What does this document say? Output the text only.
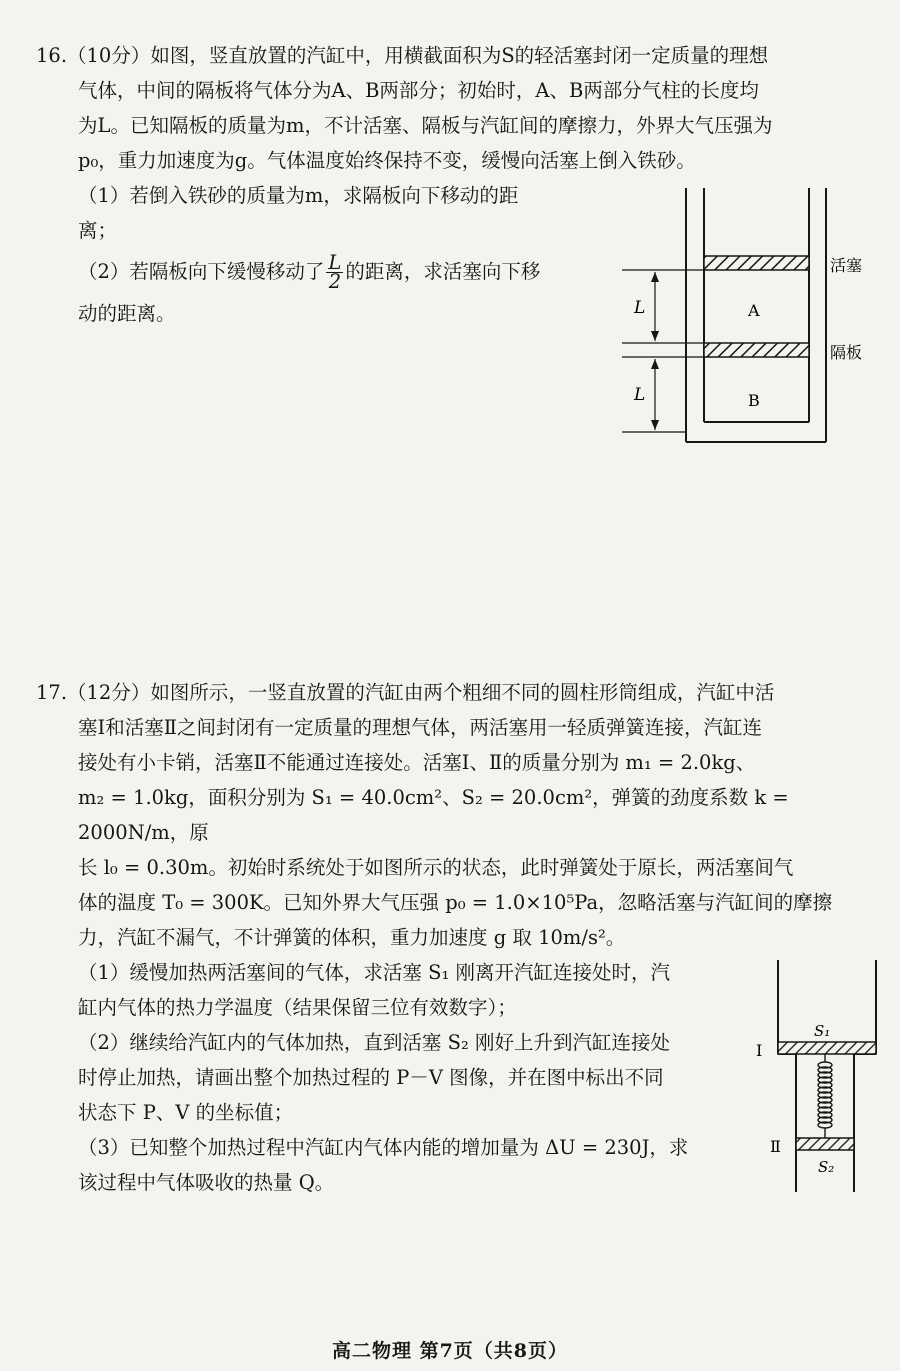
16.（10分）如图，竖直放置的汽缸中，用横截面积为S的轻活塞封闭一定质量的理想

气体，中间的隔板将气体分为A、B两部分；初始时，A、B两部分气柱的长度均

为L。已知隔板的质量为m，不计活塞、隔板与汽缸间的摩擦力，外界大气压强为

p₀，重力加速度为g。气体温度始终保持不变，缓慢向活塞上倒入铁砂。

（1）若倒入铁砂的质量为m，求隔板向下移动的距

离；

（2）若隔板向下缓慢移动了 $\frac{L}{2}$ 的距离，求活塞向下移

动的距离。	L
L
A
B
活塞
隔板

17.（12分）如图所示，一竖直放置的汽缸由两个粗细不同的圆柱形筒组成，汽缸中活

塞Ⅰ和活塞Ⅱ之间封闭有一定质量的理想气体，两活塞用一轻质弹簧连接，汽缸连

接处有小卡销，活塞Ⅱ不能通过连接处。活塞Ⅰ、Ⅱ的质量分别为 m₁ = 2.0kg、

m₂ = 1.0kg，面积分别为 S₁ = 40.0cm²、S₂ = 20.0cm²，弹簧的劲度系数 k = 2000N/m，原

长 l₀ = 0.30m。初始时系统处于如图所示的状态，此时弹簧处于原长，两活塞间气

体的温度 T₀ = 300K。已知外界大气压强 p₀ = 1.0×10⁵Pa，忽略活塞与汽缸间的摩擦

力，汽缸不漏气，不计弹簧的体积，重力加速度 g 取 10m/s²。

（1）缓慢加热两活塞间的气体，求活塞 S₁ 刚离开汽缸连接处时，汽

缸内气体的热力学温度（结果保留三位有效数字）；

（2）继续给汽缸内的气体加热，直到活塞 S₂ 刚好上升到汽缸连接处

时停止加热，请画出整个加热过程的 P－V 图像，并在图中标出不同

状态下 P、V 的坐标值；

（3）已知整个加热过程中汽缸内气体内能的增加量为 ΔU = 230J，求

该过程中气体吸收的热量 Q。

S₁
S₂
Ⅰ
Ⅱ
高二物理 第7页（共8页）
